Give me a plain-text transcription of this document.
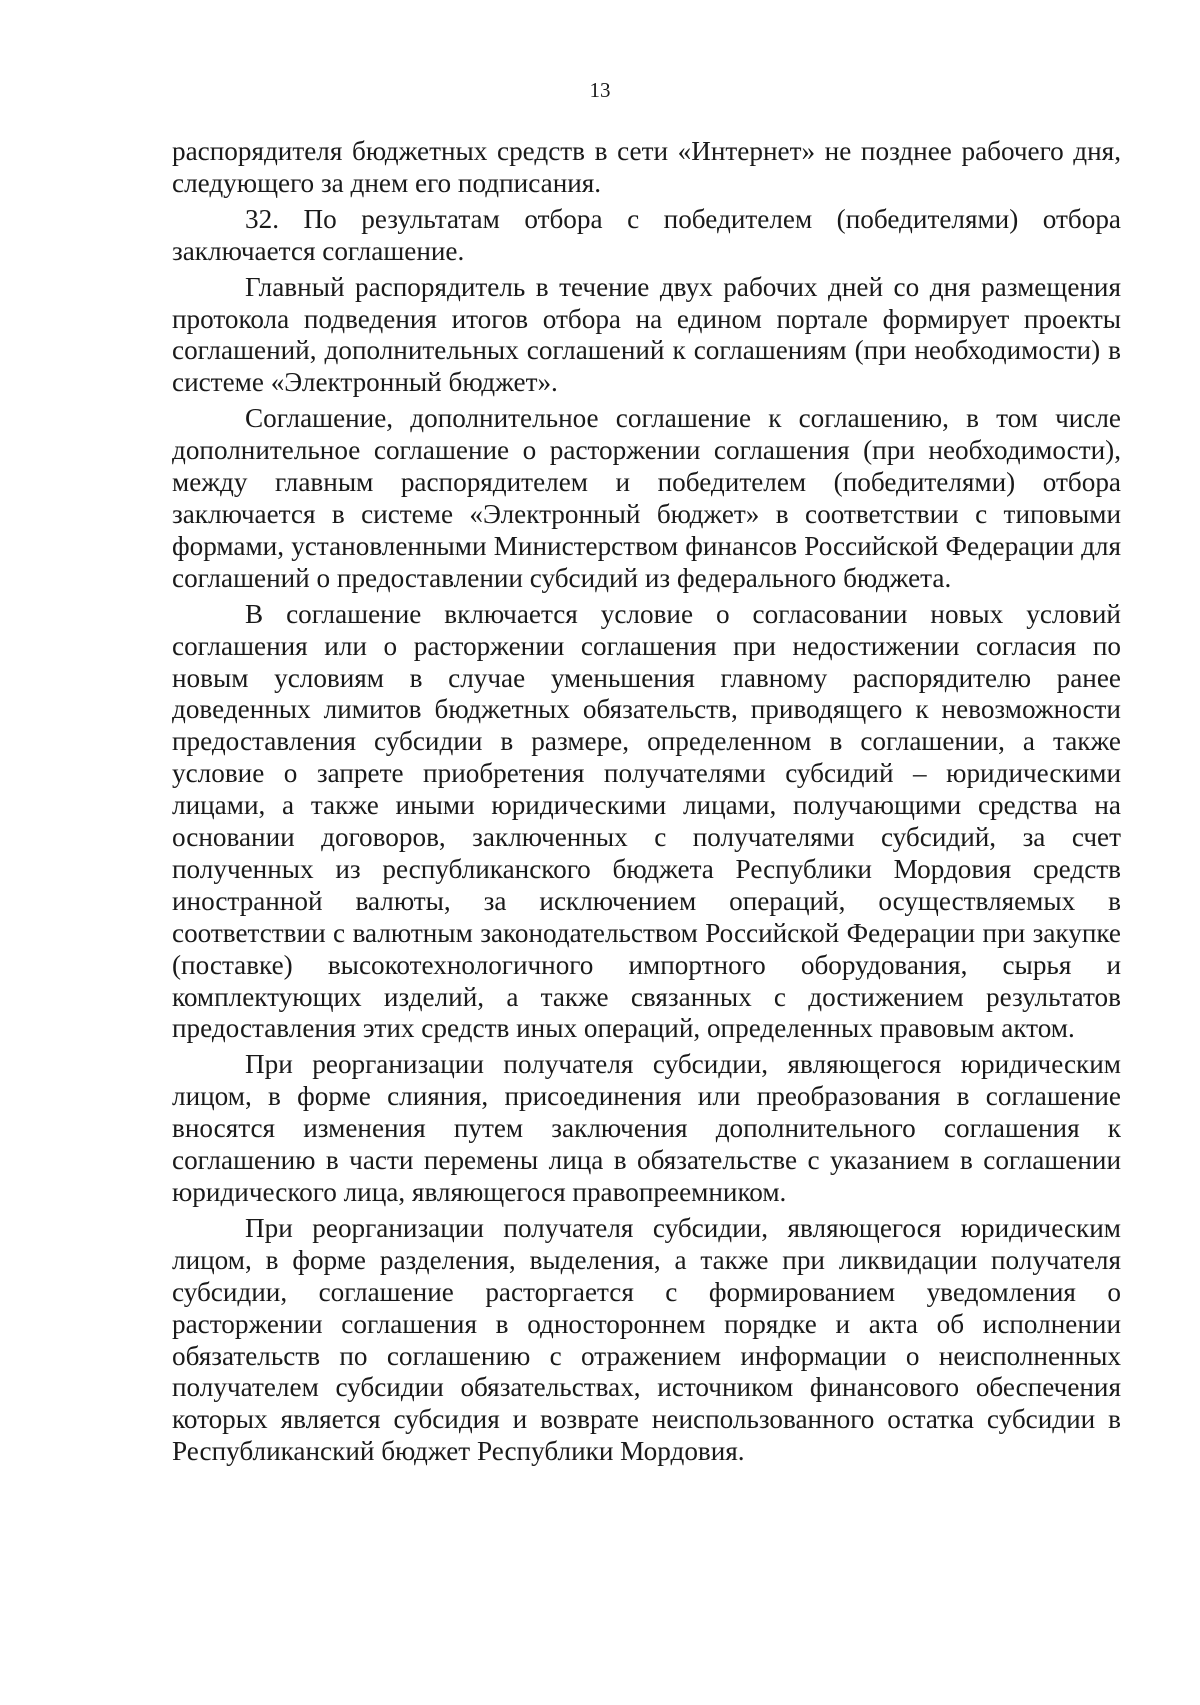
13

распорядителя бюджетных средств в сети «Интернет» не позднее рабочего дня, следующего за днем его подписания.

32. По результатам отбора с победителем (победителями) отбора заключается соглашение.

Главный распорядитель в течение двух рабочих дней со дня размещения протокола подведения итогов отбора на едином портале формирует проекты соглашений, дополнительных соглашений к соглашениям (при необходимости) в системе «Электронный бюджет».

Соглашение, дополнительное соглашение к соглашению, в том числе дополнительное соглашение о расторжении соглашения (при необходимости), между главным распорядителем и победителем (победителями) отбора заключается в системе «Электронный бюджет» в соответствии с типовыми формами, установленными Министерством финансов Российской Федерации для соглашений о предоставлении субсидий из федерального бюджета.

В соглашение включается условие о согласовании новых условий соглашения или о расторжении соглашения при недостижении согласия по новым условиям в случае уменьшения главному распорядителю ранее доведенных лимитов бюджетных обязательств, приводящего к невозможности предоставления субсидии в размере, определенном в соглашении, а также условие о запрете приобретения получателями субсидий – юридическими лицами, а также иными юридическими лицами, получающими средства на основании договоров, заключенных с получателями субсидий, за счет полученных из республиканского бюджета Республики Мордовия средств иностранной валюты, за исключением операций, осуществляемых в соответствии с валютным законодательством Российской Федерации при закупке (поставке) высокотехнологичного импортного оборудования, сырья и комплектующих изделий, а также связанных с достижением результатов предоставления этих средств иных операций, определенных правовым актом.

При реорганизации получателя субсидии, являющегося юридическим лицом, в форме слияния, присоединения или преобразования в соглашение вносятся изменения путем заключения дополнительного соглашения к соглашению в части перемены лица в обязательстве с указанием в соглашении юридического лица, являющегося правопреемником.

При реорганизации получателя субсидии, являющегося юридическим лицом, в форме разделения, выделения, а также при ликвидации получателя субсидии, соглашение расторгается с формированием уведомления о расторжении соглашения в одностороннем порядке и акта об исполнении обязательств по соглашению с отражением информации о неисполненных получателем субсидии обязательствах, источником финансового обеспечения которых является субсидия и возврате неиспользованного остатка субсидии в Республиканский бюджет Республики Мордовия.
